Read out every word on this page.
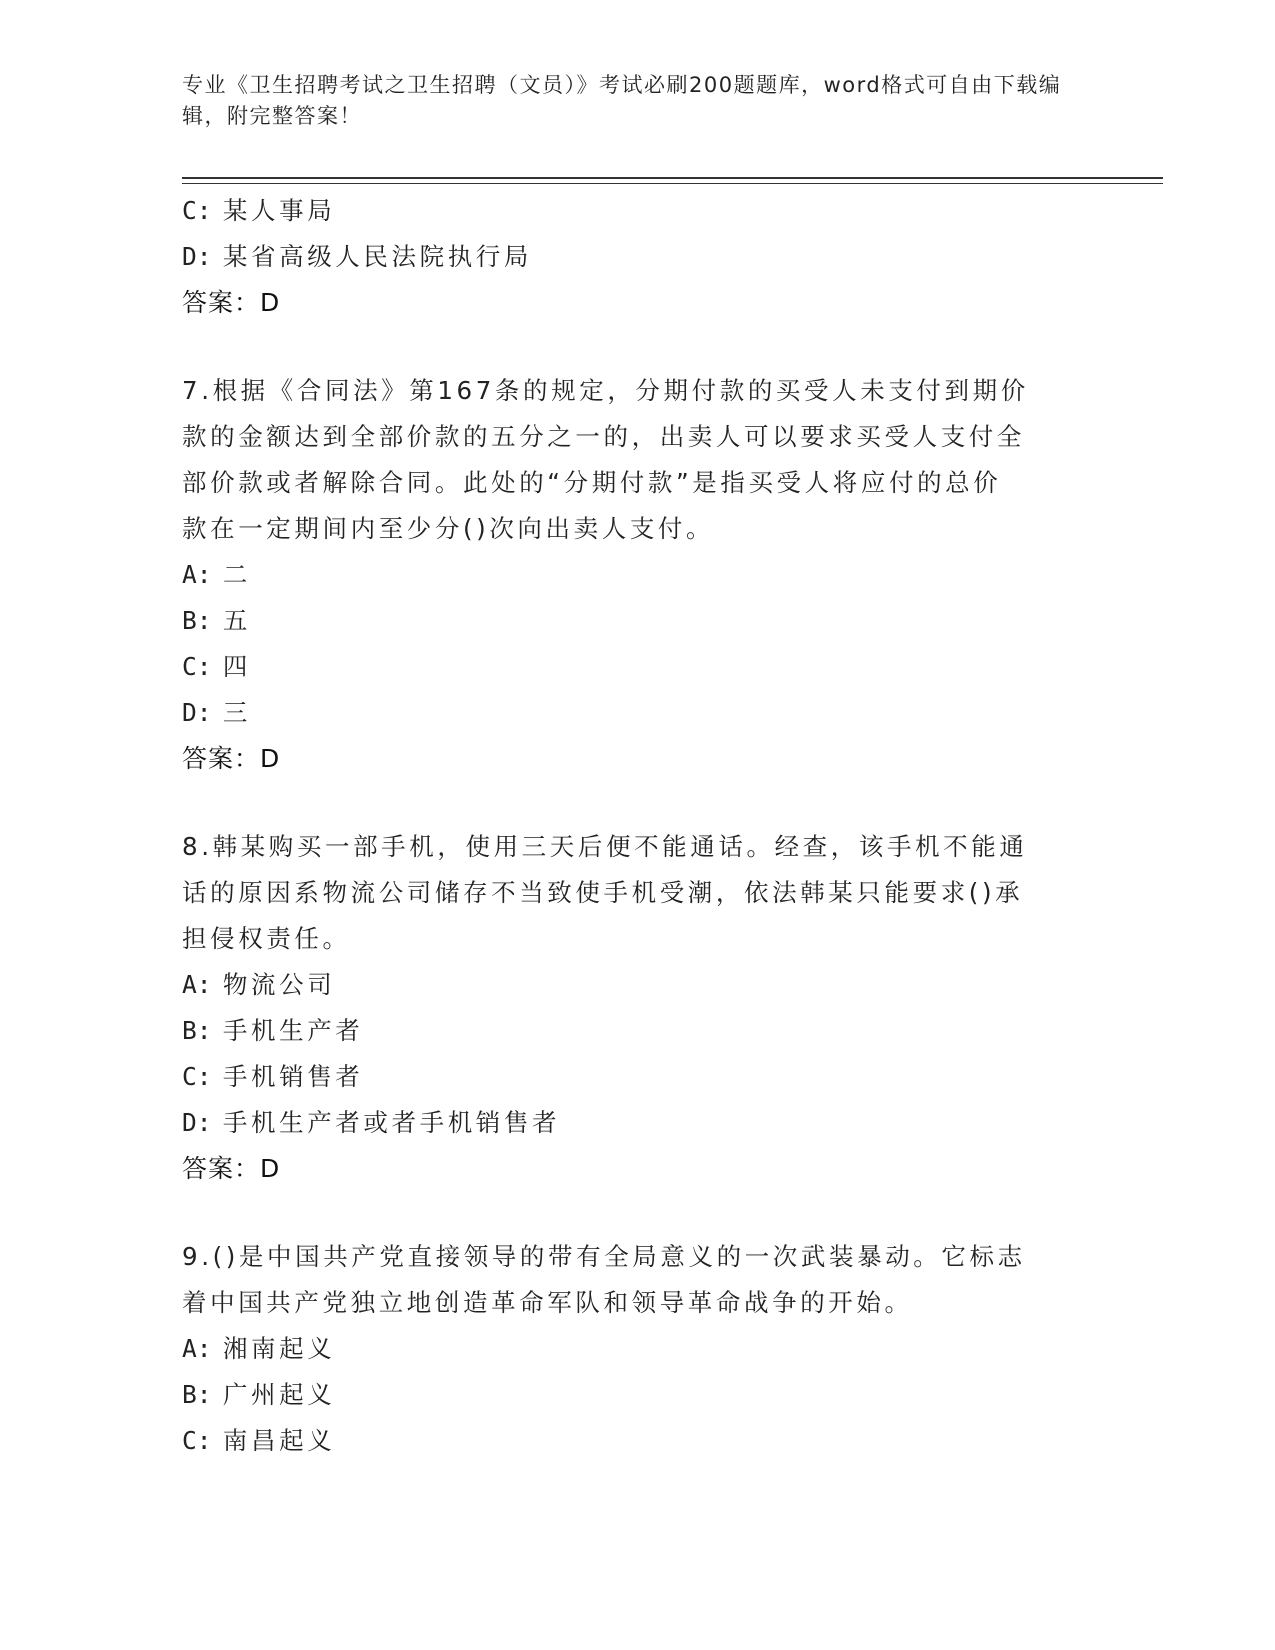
专业《卫生招聘考试之卫生招聘（文员）》考试必刷200题题库，word格式可自由下载编辑，附完整答案！
C: 某人事局
D: 某省高级人民法院执行局
答案：D
7.根据《合同法》第167条的规定，分期付款的买受人未支付到期价
款的金额达到全部价款的五分之一的，出卖人可以要求买受人支付全
部价款或者解除合同。此处的“分期付款”是指买受人将应付的总价
款在一定期间内至少分()次向出卖人支付。
A: 二
B: 五
C: 四
D: 三
答案：D
8.韩某购买一部手机，使用三天后便不能通话。经查，该手机不能通
话的原因系物流公司储存不当致使手机受潮，依法韩某只能要求()承
担侵权责任。
A: 物流公司
B: 手机生产者
C: 手机销售者
D: 手机生产者或者手机销售者
答案：D
9.()是中国共产党直接领导的带有全局意义的一次武装暴动。它标志
着中国共产党独立地创造革命军队和领导革命战争的开始。
A: 湘南起义
B: 广州起义
C: 南昌起义
